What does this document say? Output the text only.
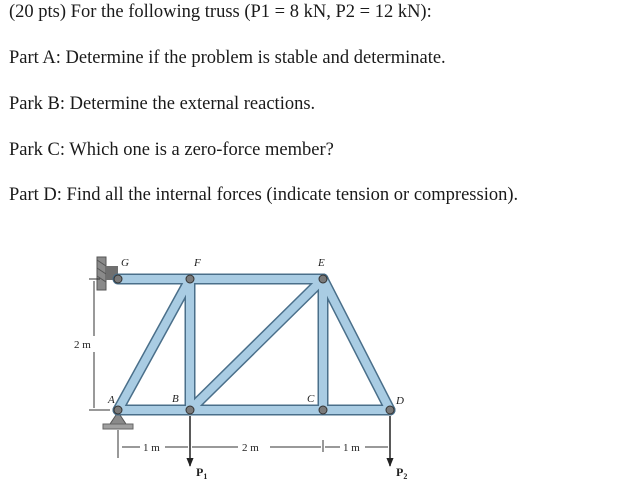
(20 pts) For the following truss (P1 = 8 kN, P2 = 12 kN):
Part A: Determine if the problem is stable and determinate.
Park B: Determine the external reactions.
Park C: Which one is a zero-force member?
Part D: Find all the internal forces (indicate tension or compression).
G	F	E
A	B	C	D
2 m
1 m	2 m	1 m
$P_1$	$P_2$
